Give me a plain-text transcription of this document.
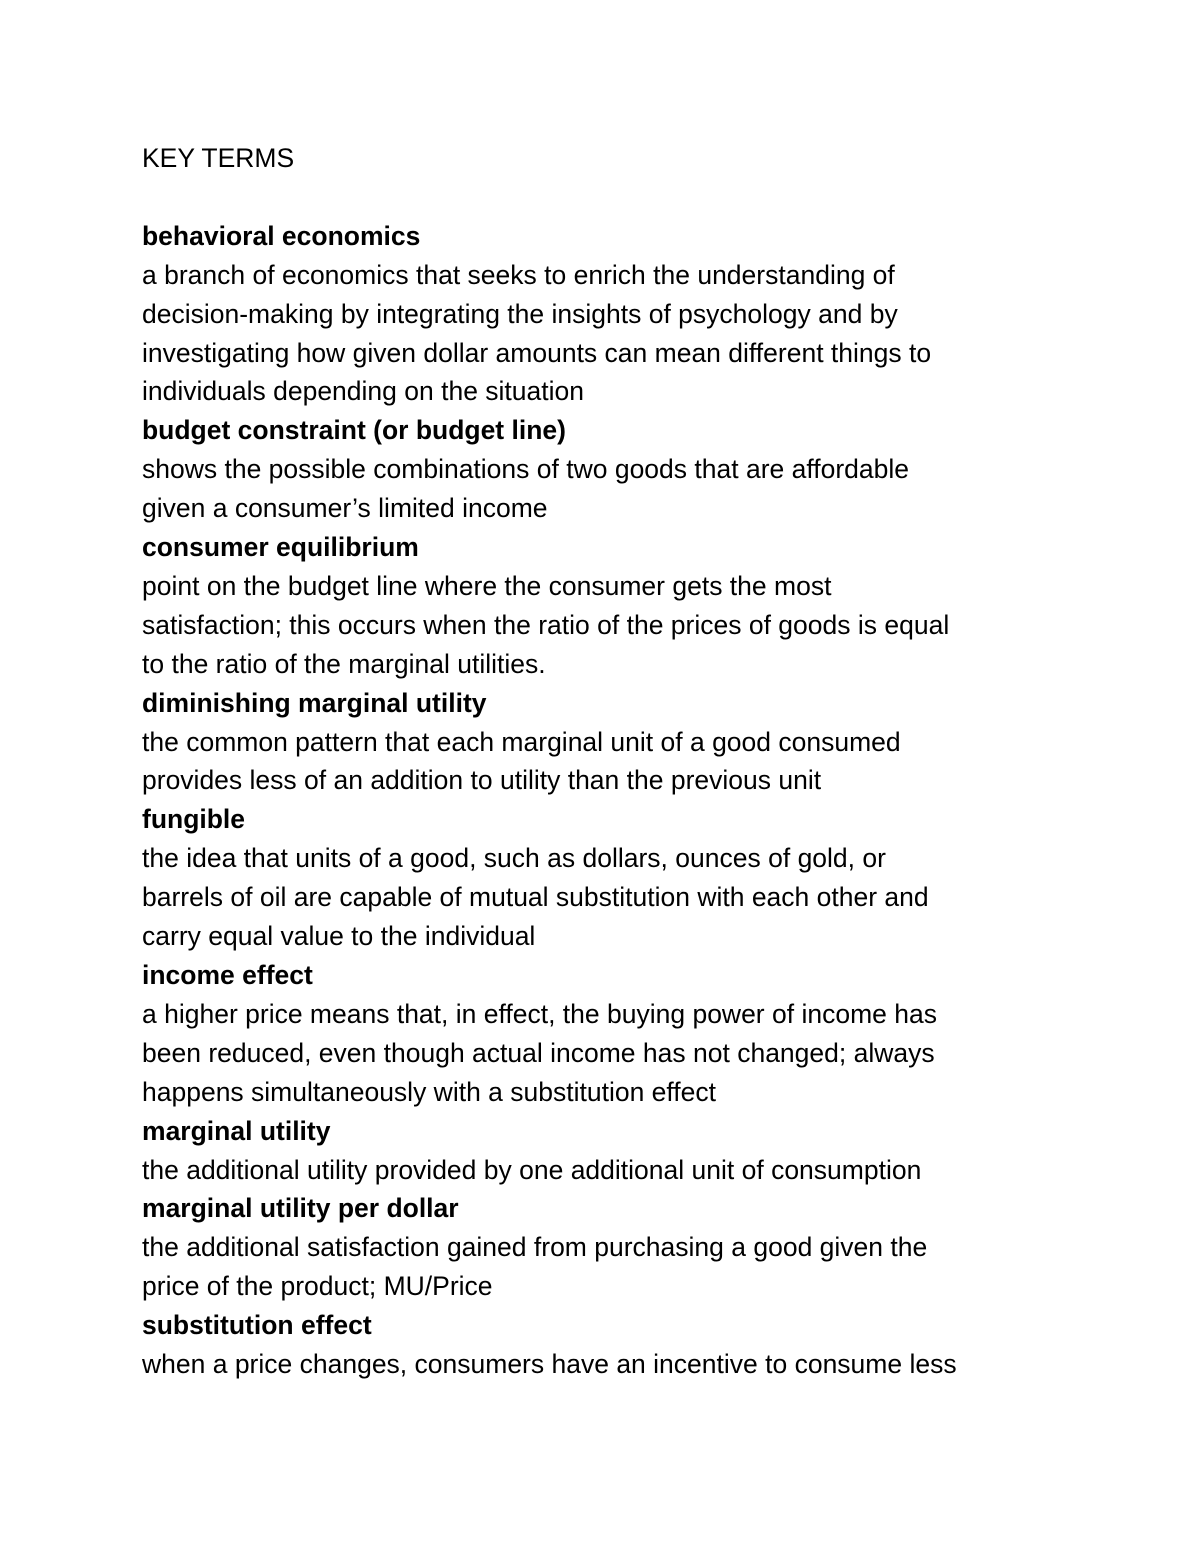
KEY TERMS
behavioral economics
a branch of economics that seeks to enrich the understanding of
decision-making by integrating the insights of psychology and by
investigating how given dollar amounts can mean different things to
individuals depending on the situation
budget constraint (or budget line)
shows the possible combinations of two goods that are affordable
given a consumer’s limited income
consumer equilibrium
point on the budget line where the consumer gets the most
satisfaction; this occurs when the ratio of the prices of goods is equal
to the ratio of the marginal utilities.
diminishing marginal utility
the common pattern that each marginal unit of a good consumed
provides less of an addition to utility than the previous unit
fungible
the idea that units of a good, such as dollars, ounces of gold, or
barrels of oil are capable of mutual substitution with each other and
carry equal value to the individual
income effect
a higher price means that, in effect, the buying power of income has
been reduced, even though actual income has not changed; always
happens simultaneously with a substitution effect
marginal utility
the additional utility provided by one additional unit of consumption
marginal utility per dollar
the additional satisfaction gained from purchasing a good given the
price of the product; MU/Price
substitution effect
when a price changes, consumers have an incentive to consume less
